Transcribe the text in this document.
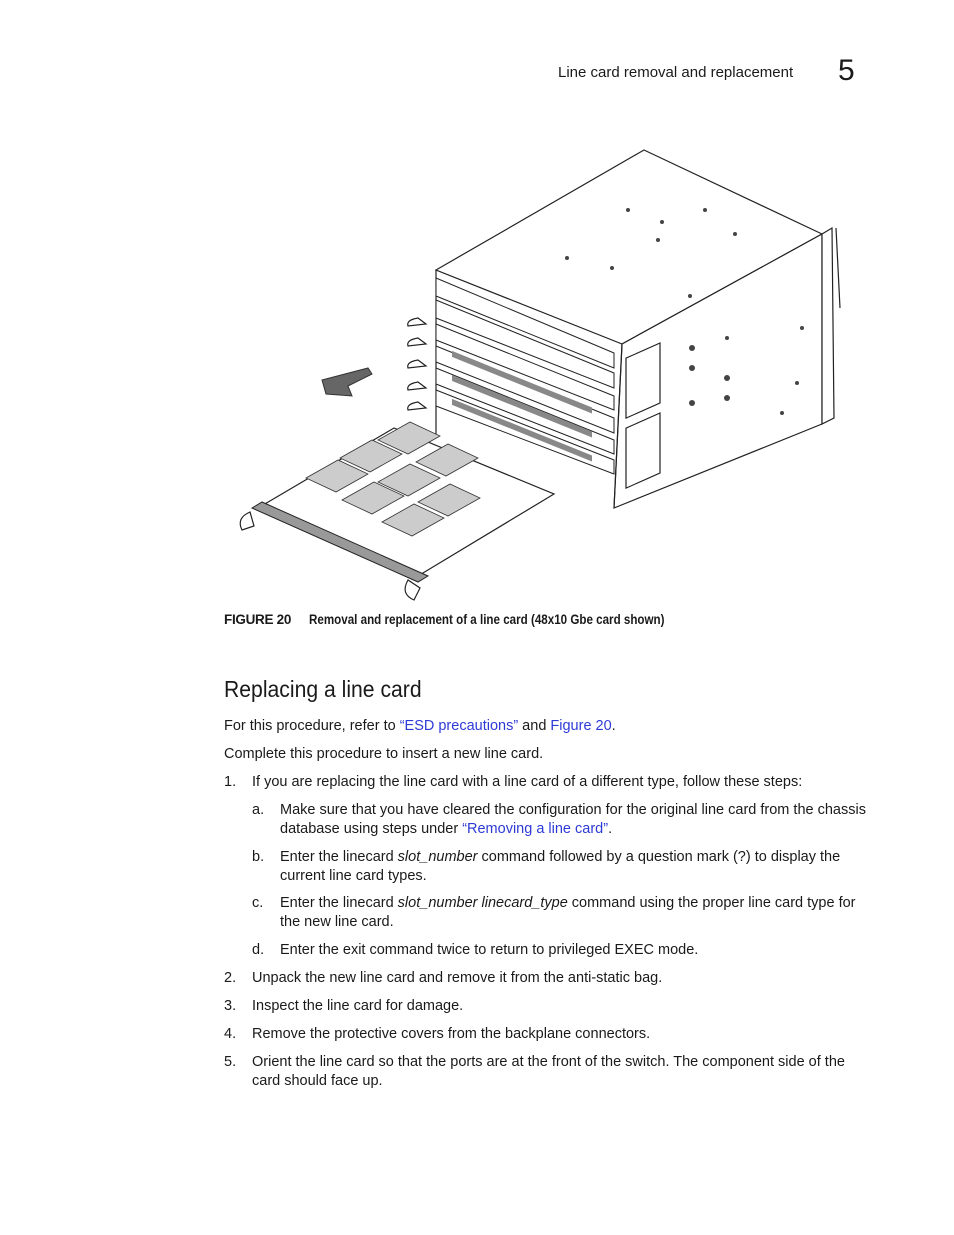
Line card removal and replacement 5
FIGURE 20 Removal and replacement of a line card (48x10 Gbe card shown)
Replacing a line card
For this procedure, refer to “ESD precautions” and Figure 20.
Complete this procedure to insert a new line card.
1. If you are replacing the line card with a line card of a different type, follow these steps:
a. Make sure that you have cleared the configuration for the original line card from the chassis database using steps under “Removing a line card”.
b. Enter the linecard slot_number command followed by a question mark (?) to display the current line card types.
c. Enter the linecard slot_number linecard_type command using the proper line card type for the new line card.
d. Enter the exit command twice to return to privileged EXEC mode.
2. Unpack the new line card and remove it from the anti-static bag.
3. Inspect the line card for damage.
4. Remove the protective covers from the backplane connectors.
5. Orient the line card so that the ports are at the front of the switch. The component side of the card should face up.
